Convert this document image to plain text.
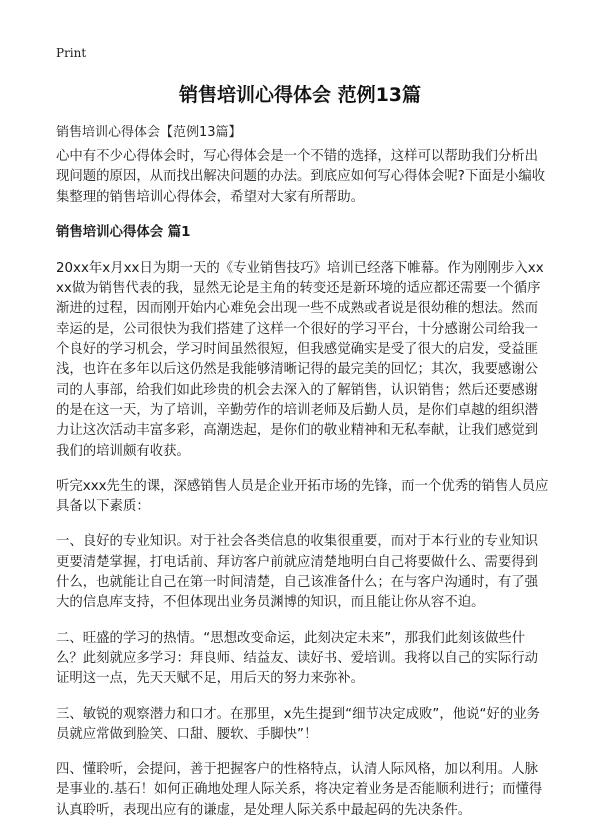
Print
销售培训心得体会 范例13篇

销售培训心得体会【范例13篇】

心中有不少心得体会时，写心得体会是一个不错的选择，这样可以帮助我们分析出现问题的原因，从而找出解决问题的办法。到底应如何写心得体会呢?下面是小编收集整理的销售培训心得体会，希望对大家有所帮助。

销售培训心得体会 篇1

20xx年x月xx日为期一天的《专业销售技巧》培训已经落下帷幕。作为刚刚步入xxxx做为销售代表的我，显然无论是主角的转变还是新环境的适应都还需要一个循序渐进的过程，因而刚开始内心难免会出现一些不成熟或者说是很幼稚的想法。然而幸运的是，公司很快为我们搭建了这样一个很好的学习平台，十分感谢公司给我一个良好的学习机会，学习时间虽然很短，但我感觉确实是受了很大的启发，受益匪浅，也许在多年以后这仍然是我能够清晰记得的最完美的回忆；其次，我要感谢公司的人事部，给我们如此珍贵的机会去深入的了解销售，认识销售；然后还要感谢的是在这一天，为了培训，辛勤劳作的培训老师及后勤人员，是你们卓越的组织潜力让这次活动丰富多彩，高潮迭起，是你们的敬业精神和无私奉献，让我们感觉到我们的培训颇有收获。

听完xxx先生的课，深感销售人员是企业开拓市场的先锋，而一个优秀的销售人员应具备以下素质：

一、良好的专业知识。对于社会各类信息的收集很重要，而对于本行业的专业知识更要清楚掌握，打电话前、拜访客户前就应清楚地明白自己将要做什么、需要得到什么，也就能让自己在第一时间清楚，自己该准备什么；在与客户沟通时，有了强大的信息库支持，不但体现出业务员渊博的知识，而且能让你从容不迫。

二、旺盛的学习的热情。“思想改变命运，此刻决定未来”，那我们此刻该做些什么？此刻就应多学习：拜良师、结益友、读好书、爱培训。我将以自己的实际行动证明这一点，先天天赋不足，用后天的努力来弥补。

三、敏锐的观察潜力和口才。在那里，x先生提到“细节决定成败”，他说“好的业务员就应常做到脸笑、口甜、腰软、手脚快”！

四、懂聆听，会提问，善于把握客户的性格特点，认清人际风格，加以利用。人脉是事业的.基石！如何正确地处理人际关系，将决定着业务是否能顺利进行；而懂得认真聆听，表现出应有的谦虚，是处理人际关系中最起码的先决条件。
